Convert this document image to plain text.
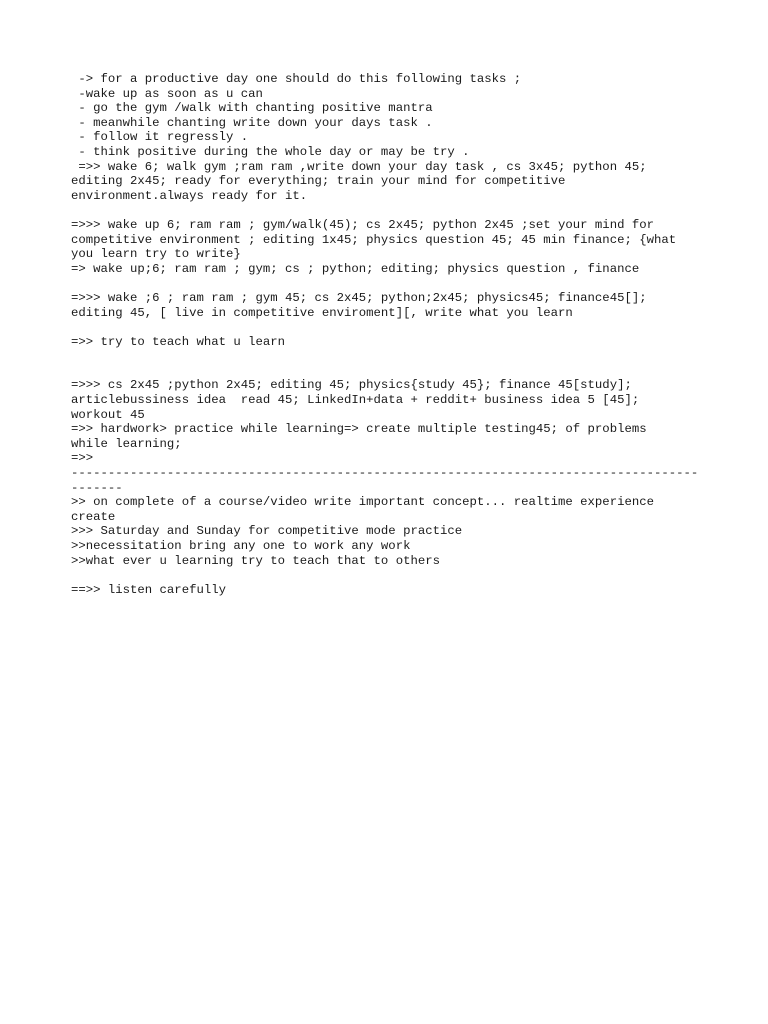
-> for a productive day one should do this following tasks ;
-wake up as soon as u can
- go the gym /walk with chanting positive mantra
- meanwhile chanting write down your days task .
- follow it regressly .
- think positive during the whole day or may be try .
=>> wake 6; walk gym ;ram ram ,write down your day task , cs 3x45; python 45;
editing 2x45; ready for everything; train your mind for competitive
environment.always ready for it.
=>>> wake up 6; ram ram ; gym/walk(45); cs 2x45; python 2x45 ;set your mind for
competitive environment ; editing 1x45; physics question 45; 45 min finance; {what
you learn try to write}
=> wake up;6; ram ram ; gym; cs ; python; editing; physics question , finance
=>>> wake ;6 ; ram ram ; gym 45; cs 2x45; python;2x45; physics45; finance45[];
editing 45, [ live in competitive enviroment][, write what you learn
=>> try to teach what u learn
=>>> cs 2x45 ;python 2x45; editing 45; physics{study 45}; finance 45[study];
articlebussiness idea  read 45; LinkedIn+data + reddit+ business idea 5 [45];
workout 45
=>> hardwork> practice while learning=> create multiple testing45; of problems
while learning;
=>>
-------------------------------------------------------------------------------------
-------
>> on complete of a course/video write important concept... realtime experience
create
>>> Saturday and Sunday for competitive mode practice
>>necessitation bring any one to work any work
>>what ever u learning try to teach that to others
==>> listen carefully
